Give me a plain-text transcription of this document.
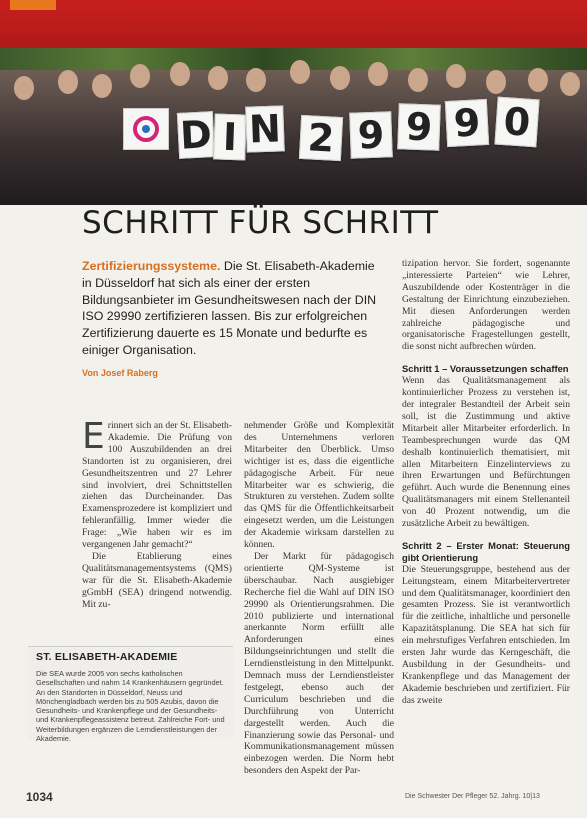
D I N 2 9 9 9 0
SCHRITT FÜR SCHRITT
Zertifizierungssysteme. Die St. Elisabeth-Akademie in Düsseldorf hat sich als einer der ersten Bildungsanbieter im Gesundheitswesen nach der DIN ISO 29990 zertifizieren lassen. Bis zur erfolgreichen Zertifizierung dauerte es 15 Monate und bedurfte es einiger Organisation.
Von Josef Raberg
E rinnert sich an der St. Elisabeth-Akademie. Die Prüfung von 100 Auszubildenden an drei Standorten ist zu organisieren, drei Gesundheitszentren und 27 Lehrer sind involviert, drei Schnittstellen ziehen das Durcheinander. Das Examensprozedere ist kompliziert und fehleranfällig. Immer wieder die Frage: „Wie haben wir es im vergangenen Jahr gemacht?“

Die Etablierung eines Qualitätsmanagementsystems (QMS) war für die St. Elisabeth-Akademie gGmbH (SEA) dringend notwendig. Mit zu-

nehmender Größe und Komplexität des Unternehmens verloren Mitarbeiter den Überblick. Umso wichtiger ist es, dass die eigentliche pädagogische Arbeit. Für neue Mitarbeiter war es schwierig, die Strukturen zu verstehen. Zudem sollte das QMS für die Öffentlichkeitsarbeit eingesetzt werden, um die Leistungen der Akademie wirksam darstellen zu können.

Der Markt für pädagogisch orientierte QM-Systeme ist überschaubar. Nach ausgiebiger Recherche fiel die Wahl auf DIN ISO 29990 als Orientierungsrahmen. Die 2010 publizierte und international anerkannte Norm erfüllt alle Anforderungen eines Bildungseinrichtungen und stellt die Lerndienstleistung in den Mittelpunkt. Demnach muss der Lerndienstleister festgelegt, ebenso auch der Curriculum beschrieben und die Durchführung von Unterricht dargestellt werden. Auch die Finanzierung sowie das Personal- und Kommunikationsmanagement müssen einbezogen werden. Die Norm hebt besonders den Aspekt der Par-

tizipation hervor. Sie fordert, sogenannte „interessierte Parteien“ wie Lehrer, Auszubildende oder Kostenträger in die Gestaltung der Einrichtung einzubeziehen. Mit diesen Anforderungen werden zahlreiche pädagogische und organisatorische Fragestellungen gestellt, die sonst nicht aufbrechen würden.

Schritt 1 – Voraussetzungen schaffen

Wenn das Qualitätsmanagement als kontinuierlicher Prozess zu verstehen ist, der integraler Bestandteil der Arbeit sein soll, ist die Zustimmung und aktive Mitarbeit aller Mitarbeiter erforderlich. In Teambesprechungen wurde das QM deshalb kontinuierlich thematisiert, mit allen Mitarbeitern Einzelinterviews zu ihren Erwartungen und Befürchtungen geführt. Auch wurde die Benennung eines Qualitätsmanagers mit einem Stellenanteil von 40 Prozent notwendig, um die zusätzliche Arbeit zu bewältigen.

Schritt 2 – Erster Monat: Steuerung gibt Orientierung

Die Steuerungsgruppe, bestehend aus der Leitungsteam, einem Mitarbeitervertreter und dem Qualitätsmanager, koordiniert den gesamten Prozess. Sie ist verantwortlich für die zeitliche, inhaltliche und personelle Kapazitätsplanung. Die SEA hat sich für ein mehrstufiges Verfahren entschieden. Im ersten Jahr wurde das Kerngeschäft, die Ausbildung in der Gesundheits- und Krankenpflege und das Management der Akademie beschrieben und zertifiziert. Für das zweite

ST. ELISABETH-AKADEMIE
Die SEA wurde 2005 von sechs katholischen Gesellschaften und nahm 14 Krankenhäusern gegründet. An den Standorten in Düsseldorf, Neuss und Mönchengladbach werden bis zu 505 Azubis, davon die Gesundheits- und Krankenpflege und der Gesundheits- und Krankenpflegeassistenz betreut. Zahlreiche Fort- und Weiterbildungen ergänzen die Lerndienstleistungen der Akademie.
1034	Die Schwester Der Pfleger 52. Jahrg. 10|13
